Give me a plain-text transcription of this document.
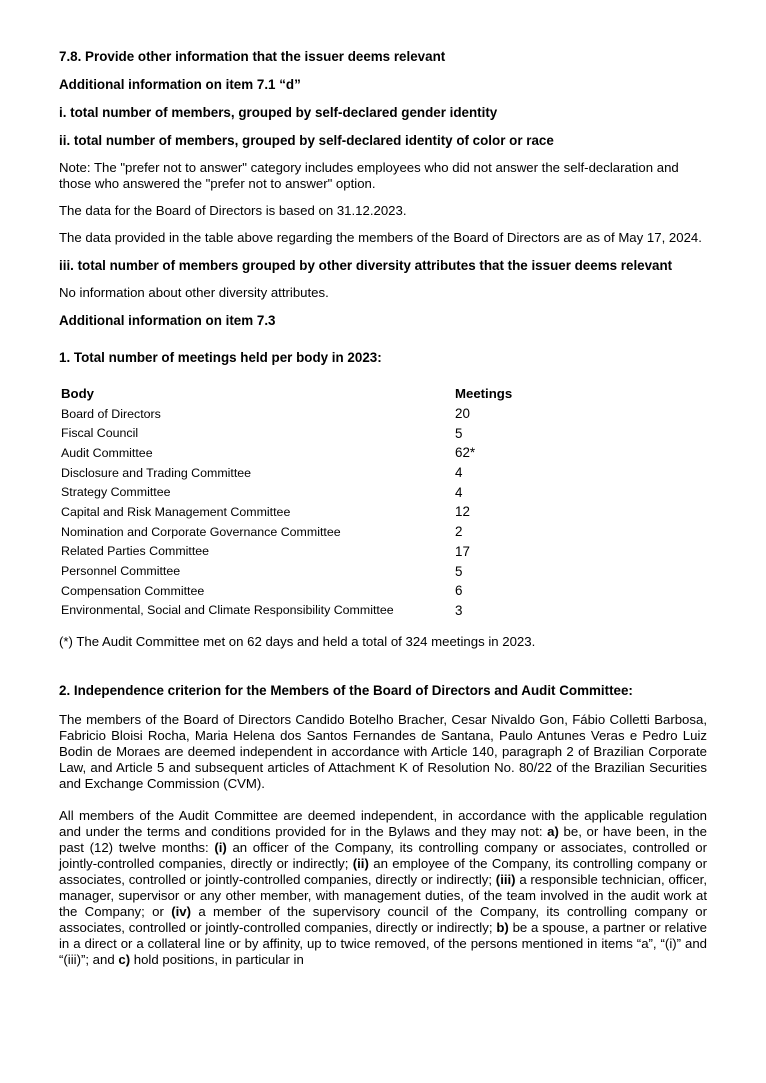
7.8. Provide other information that the issuer deems relevant
Additional information on item 7.1 “d”
i. total number of members, grouped by self-declared gender identity
ii. total number of members, grouped by self-declared identity of color or race
Note: The "prefer not to answer" category includes employees who did not answer the self-declaration and those who answered the "prefer not to answer" option.
The data for the Board of Directors is based on 31.12.2023.
The data provided in the table above regarding the members of the Board of Directors are as of May 17, 2024.
iii. total number of members grouped by other diversity attributes that the issuer deems relevant
No information about other diversity attributes.
Additional information on item 7.3
1. Total number of meetings held per body in 2023:
Body	Meetings
Board of Directors	20
Fiscal Council	5
Audit Committee	62*
Disclosure and Trading Committee	4
Strategy Committee	4
Capital and Risk Management Committee	12
Nomination and Corporate Governance Committee	2
Related Parties Committee	17
Personnel Committee	5
Compensation Committee	6
Environmental, Social and Climate Responsibility Committee	3
(*) The Audit Committee met on 62 days and held a total of 324 meetings in 2023.
2. Independence criterion for the Members of the Board of Directors and Audit Committee:
The members of the Board of Directors Candido Botelho Bracher, Cesar Nivaldo Gon, Fábio Colletti Barbosa, Fabricio Bloisi Rocha, Maria Helena dos Santos Fernandes de Santana, Paulo Antunes Veras e Pedro Luiz Bodin de Moraes are deemed independent in accordance with Article 140, paragraph 2 of Brazilian Corporate Law, and Article 5 and subsequent articles of Attachment K of Resolution No. 80/22 of the Brazilian Securities and Exchange Commission (CVM).
All members of the Audit Committee are deemed independent, in accordance with the applicable regulation and under the terms and conditions provided for in the Bylaws and they may not: a) be, or have been, in the past (12) twelve months: (i) an officer of the Company, its controlling company or associates, controlled or jointly-controlled companies, directly or indirectly; (ii) an employee of the Company, its controlling company or associates, controlled or jointly-controlled companies, directly or indirectly; (iii) a responsible technician, officer, manager, supervisor or any other member, with management duties, of the team involved in the audit work at the Company; or (iv) a member of the supervisory council of the Company, its controlling company or associates, controlled or jointly-controlled companies, directly or indirectly; b) be a spouse, a partner or relative in a direct or a collateral line or by affinity, up to twice removed, of the persons mentioned in items “a”, “(i)” and “(iii)”; and c) hold positions, in particular in
